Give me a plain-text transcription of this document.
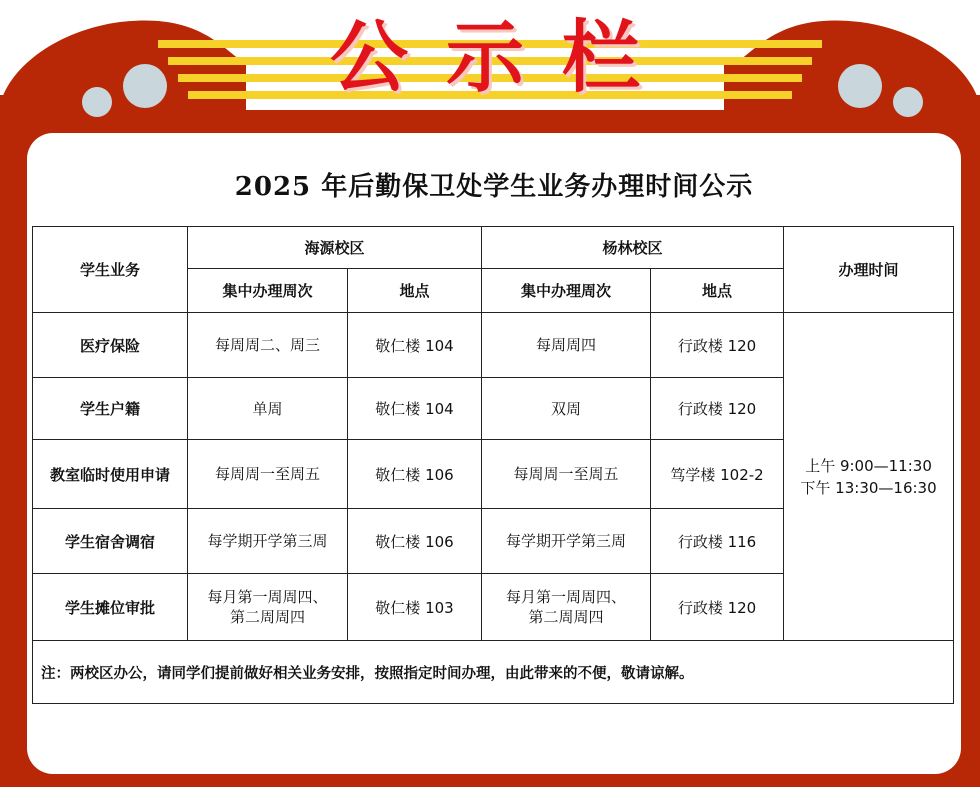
公示栏
2025 年后勤保卫处学生业务办理时间公示
学生业务	海源校区		杨林校区		办理时间
	集中办理周次	地点	集中办理周次	地点	
医疗保险	每周周二、周三	敬仁楼 104	每周周四	行政楼 120	上午 9:00—11:30
下午 13:30—16:30

学生户籍	单周	敬仁楼 104	双周	行政楼 120	
教室临时使用申请	每周周一至周五	敬仁楼 106	每周周一至周五	笃学楼 102-2	
学生宿舍调宿	每学期开学第三周	敬仁楼 106	每学期开学第三周	行政楼 116	
学生摊位审批	每月第一周周四、
第二周周四	敬仁楼 103	每月第一周周四、
第二周周四	行政楼 120	
注：两校区办公，请同学们提前做好相关业务安排，按照指定时间办理，由此带来的不便，敬请谅解。					
